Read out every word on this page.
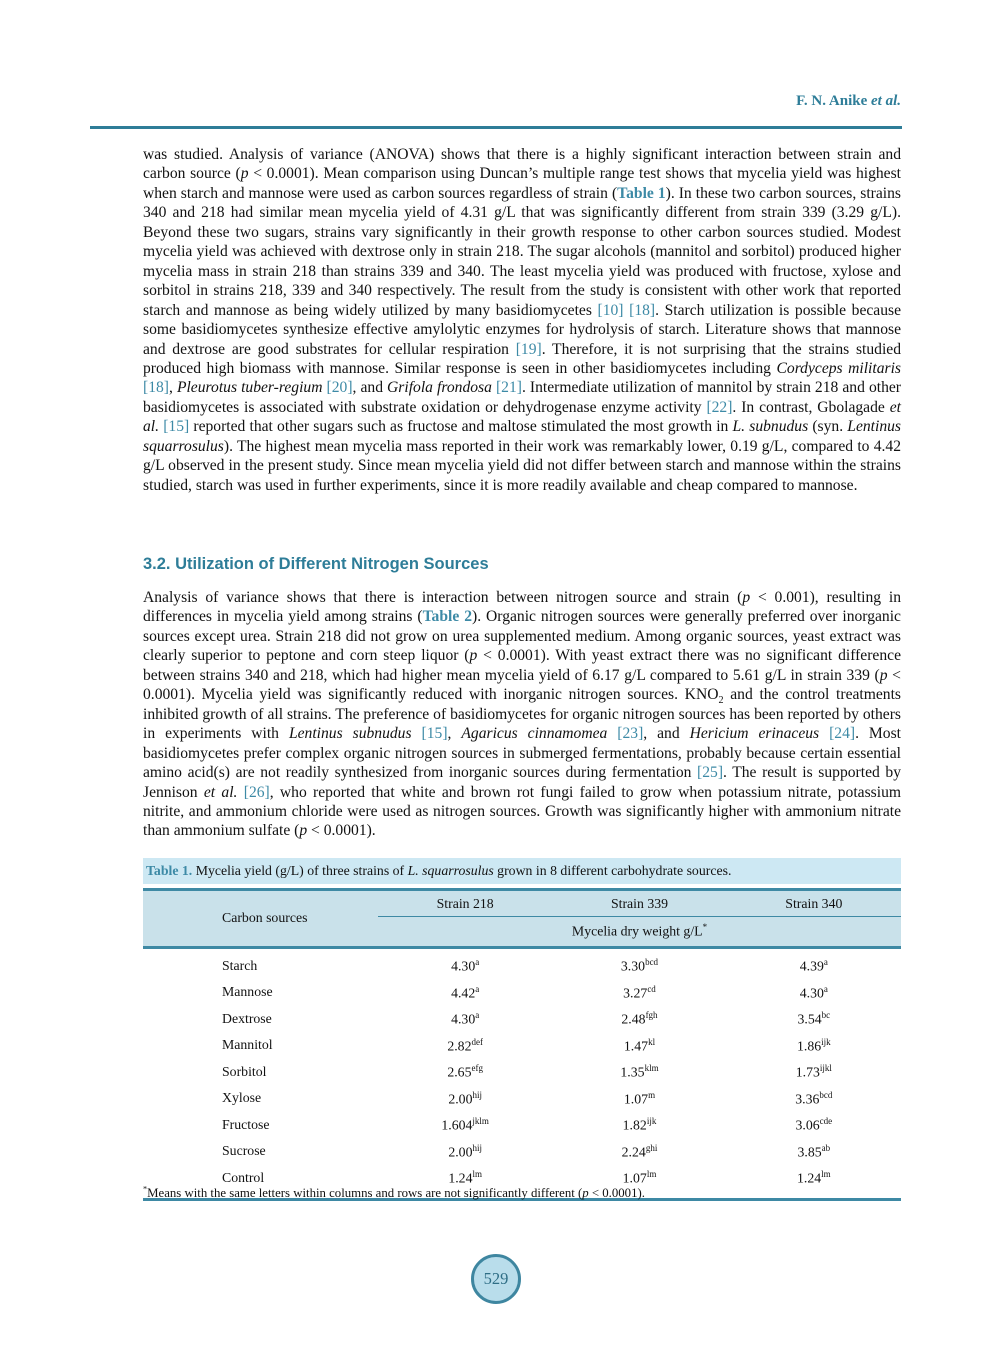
F. N. Anike et al.
was studied. Analysis of variance (ANOVA) shows that there is a highly significant interaction between strain and carbon source (p < 0.0001). Mean comparison using Duncan’s multiple range test shows that mycelia yield was highest when starch and mannose were used as carbon sources regardless of strain (Table 1). In these two carbon sources, strains 340 and 218 had similar mean mycelia yield of 4.31 g/L that was significantly different from strain 339 (3.29 g/L). Beyond these two sugars, strains vary significantly in their growth response to other carbon sources studied. Modest mycelia yield was achieved with dextrose only in strain 218. The sugar alcohols (mannitol and sorbitol) produced higher mycelia mass in strain 218 than strains 339 and 340. The least mycelia yield was produced with fructose, xylose and sorbitol in strains 218, 339 and 340 respectively. The result from the study is consistent with other work that reported starch and mannose as being widely utilized by many basidiomycetes [10] [18]. Starch utilization is possible because some basidiomycetes synthesize effective amylolytic enzymes for hydrolysis of starch. Literature shows that mannose and dextrose are good substrates for cellular respiration [19]. Therefore, it is not surprising that the strains studied produced high biomass with mannose. Similar response is seen in other basidiomycetes including Cordyceps militaris [18], Pleurotus tuber-regium [20], and Grifola frondosa [21]. Intermediate utilization of mannitol by strain 218 and other basidiomycetes is associated with substrate oxidation or dehydrogenase enzyme activity [22]. In contrast, Gbolagade et al. [15] reported that other sugars such as fructose and maltose stimulated the most growth in L. subnudus (syn. Lentinus squarrosulus). The highest mean mycelia mass reported in their work was remarkably lower, 0.19 g/L, compared to 4.42 g/L observed in the present study. Since mean mycelia yield did not differ between starch and mannose within the strains studied, starch was used in further experiments, since it is more readily available and cheap compared to mannose.
3.2. Utilization of Different Nitrogen Sources
Analysis of variance shows that there is interaction between nitrogen source and strain (p < 0.001), resulting in differences in mycelia yield among strains (Table 2). Organic nitrogen sources were generally preferred over inorganic sources except urea. Strain 218 did not grow on urea supplemented medium. Among organic sources, yeast extract was clearly superior to peptone and corn steep liquor (p < 0.0001). With yeast extract there was no significant difference between strains 340 and 218, which had higher mean mycelia yield of 6.17 g/L compared to 5.61 g/L in strain 339 (p < 0.0001). Mycelia yield was significantly reduced with inorganic nitrogen sources. $KNO_2$ and the control treatments inhibited growth of all strains. The preference of basidiomycetes for organic nitrogen sources has been reported by others in experiments with Lentinus subnudus [15], Agaricus cinnamomea [23], and Hericium erinaceus [24]. Most basidiomycetes prefer complex organic nitrogen sources in submerged fermentations, probably because certain essential amino acid(s) are not readily synthesized from inorganic sources during fermentation [25]. The result is supported by Jennison et al. [26], who reported that white and brown rot fungi failed to grow when potassium nitrate, potassium nitrite, and ammonium chloride were used as nitrogen sources. Growth was significantly higher with ammonium nitrate than ammonium sulfate (p < 0.0001).
Table 1. Mycelia yield (g/L) of three strains of L. squarrosulus grown in 8 different carbohydrate sources.
Carbon sources
Strain 218	Strain 339	Strain 340
Mycelia dry weight g/L*
Starch	4.30$^a$	3.30$^{bcd}$	4.39$^a$
Mannose	4.42$^a$	3.27$^{cd}$	4.30$^a$
Dextrose	4.30$^a$	2.48$^{fgh}$	3.54$^{bc}$
Mannitol	2.82$^{def}$	$1.47^{kl}$	$1.86^{ijk}$
Sorbitol	2.65$^{efg}$	$1.35^{klm}$	$1.73^{ijkl}$
Xylose	$2.00^{hij}$	1.07$^m$	3.36$^{bcd}$
Fructose	$1.604^{jklm}$	$1.82^{ijk}$	3.06$^{cde}$
Sucrose	$2.00^{hij}$	$2.24^{ghi}$	3.85$^{ab}$
Control	$1.24^{lm}$	$1.07^{lm}$	$1.24^{lm}$
*Means with the same letters within columns and rows are not significantly different (p < 0.0001).
529
